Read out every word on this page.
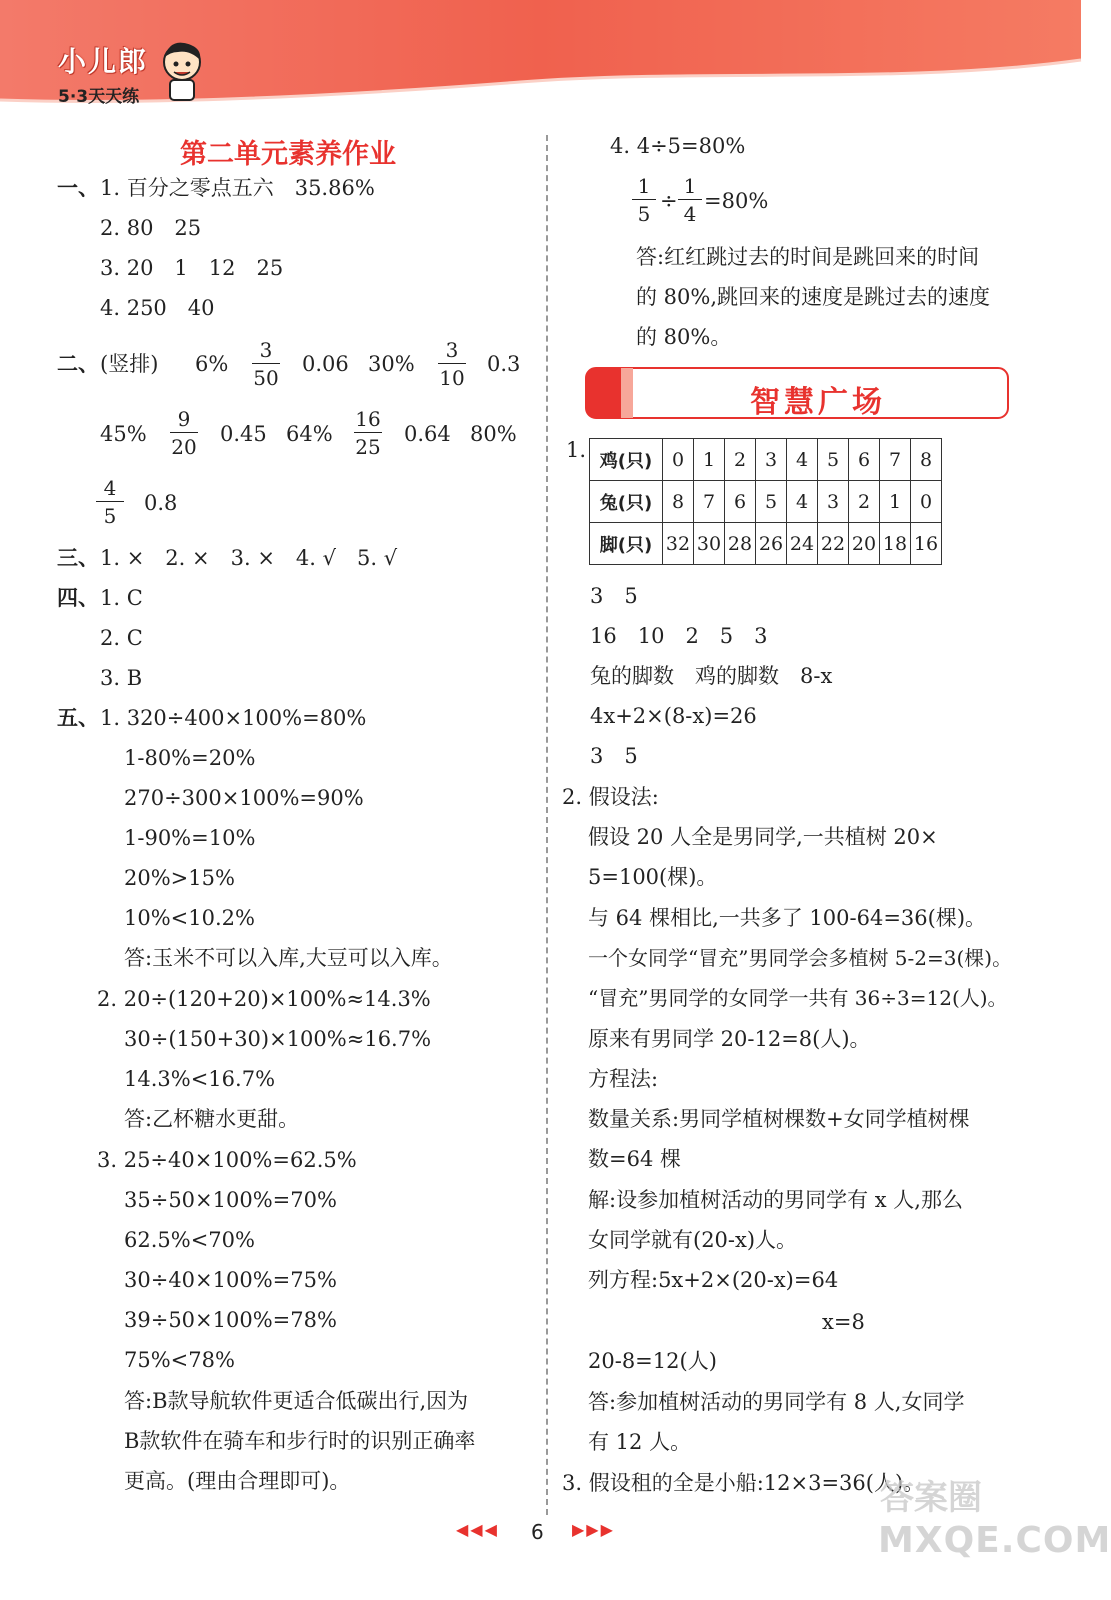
小儿郎
5·3天天练
第二单元素养作业
一、 1. 百分之零点五六　35.86%
2. 80　25
3. 20　1　12　25
4. 250　40
二、 (竖排) 6%
3
50
0.06 30%
3
10
0.3
45%
9
20
0.45 64%
16
25
0.64 80%
4
5
0.8
三、 1. ×　2. ×　3. ×　4. √　5. √
四、 1. C
2. C
3. B
五、 1. 320÷400×100%=80%
1-80%=20%
270÷300×100%=90%
1-90%=10%
20%>15%
10%<10.2%
答:玉米不可以入库,大豆可以入库。
2. 20÷(120+20)×100%≈14.3%
30÷(150+30)×100%≈16.7%
14.3%<16.7%
答:乙杯糖水更甜。
3. 25÷40×100%=62.5%
35÷50×100%=70%
62.5%<70%
30÷40×100%=75%
39÷50×100%=78%
75%<78%
答:B款导航软件更适合低碳出行,因为
B款软件在骑车和步行时的识别正确率
更高。(理由合理即可)。
4. 4÷5=80%
1
5
÷
1
4
=80%
答:红红跳过去的时间是跳回来的时间
的 80%,跳回来的速度是跳过去的速度
的 80%。
智慧广场
1. 鸡(只)	0	1	2	3	4	5	6	7	8
兔(只)	8	7	6	5	4	3	2	1	0
脚(只)	32	30	28	26	24	22	20	18	16
3　5
16　10　2　5　3
兔的脚数　鸡的脚数　8-x
4x+2×(8-x)=26
3　5
2. 假设法:
假设 20 人全是男同学,一共植树 20×
5=100(棵)。
与 64 棵相比,一共多了 100-64=36(棵)。
一个女同学“冒充”男同学会多植树 5-2=3(棵)。
“冒充”男同学的女同学一共有 36÷3=12(人)。
原来有男同学 20-12=8(人)。
方程法:
数量关系:男同学植树棵数+女同学植树棵
数=64 棵
解:设参加植树活动的男同学有 x 人,那么
女同学就有(20-x)人。
列方程:5x+2×(20-x)=64
x=8
20-8=12(人)
答:参加植树活动的男同学有 8 人,女同学
有 12 人。
3. 假设租的全是小船:12×3=36(人)。
◀◀◀ 6 ▶▶▶
答案圈
MXQE.COM
